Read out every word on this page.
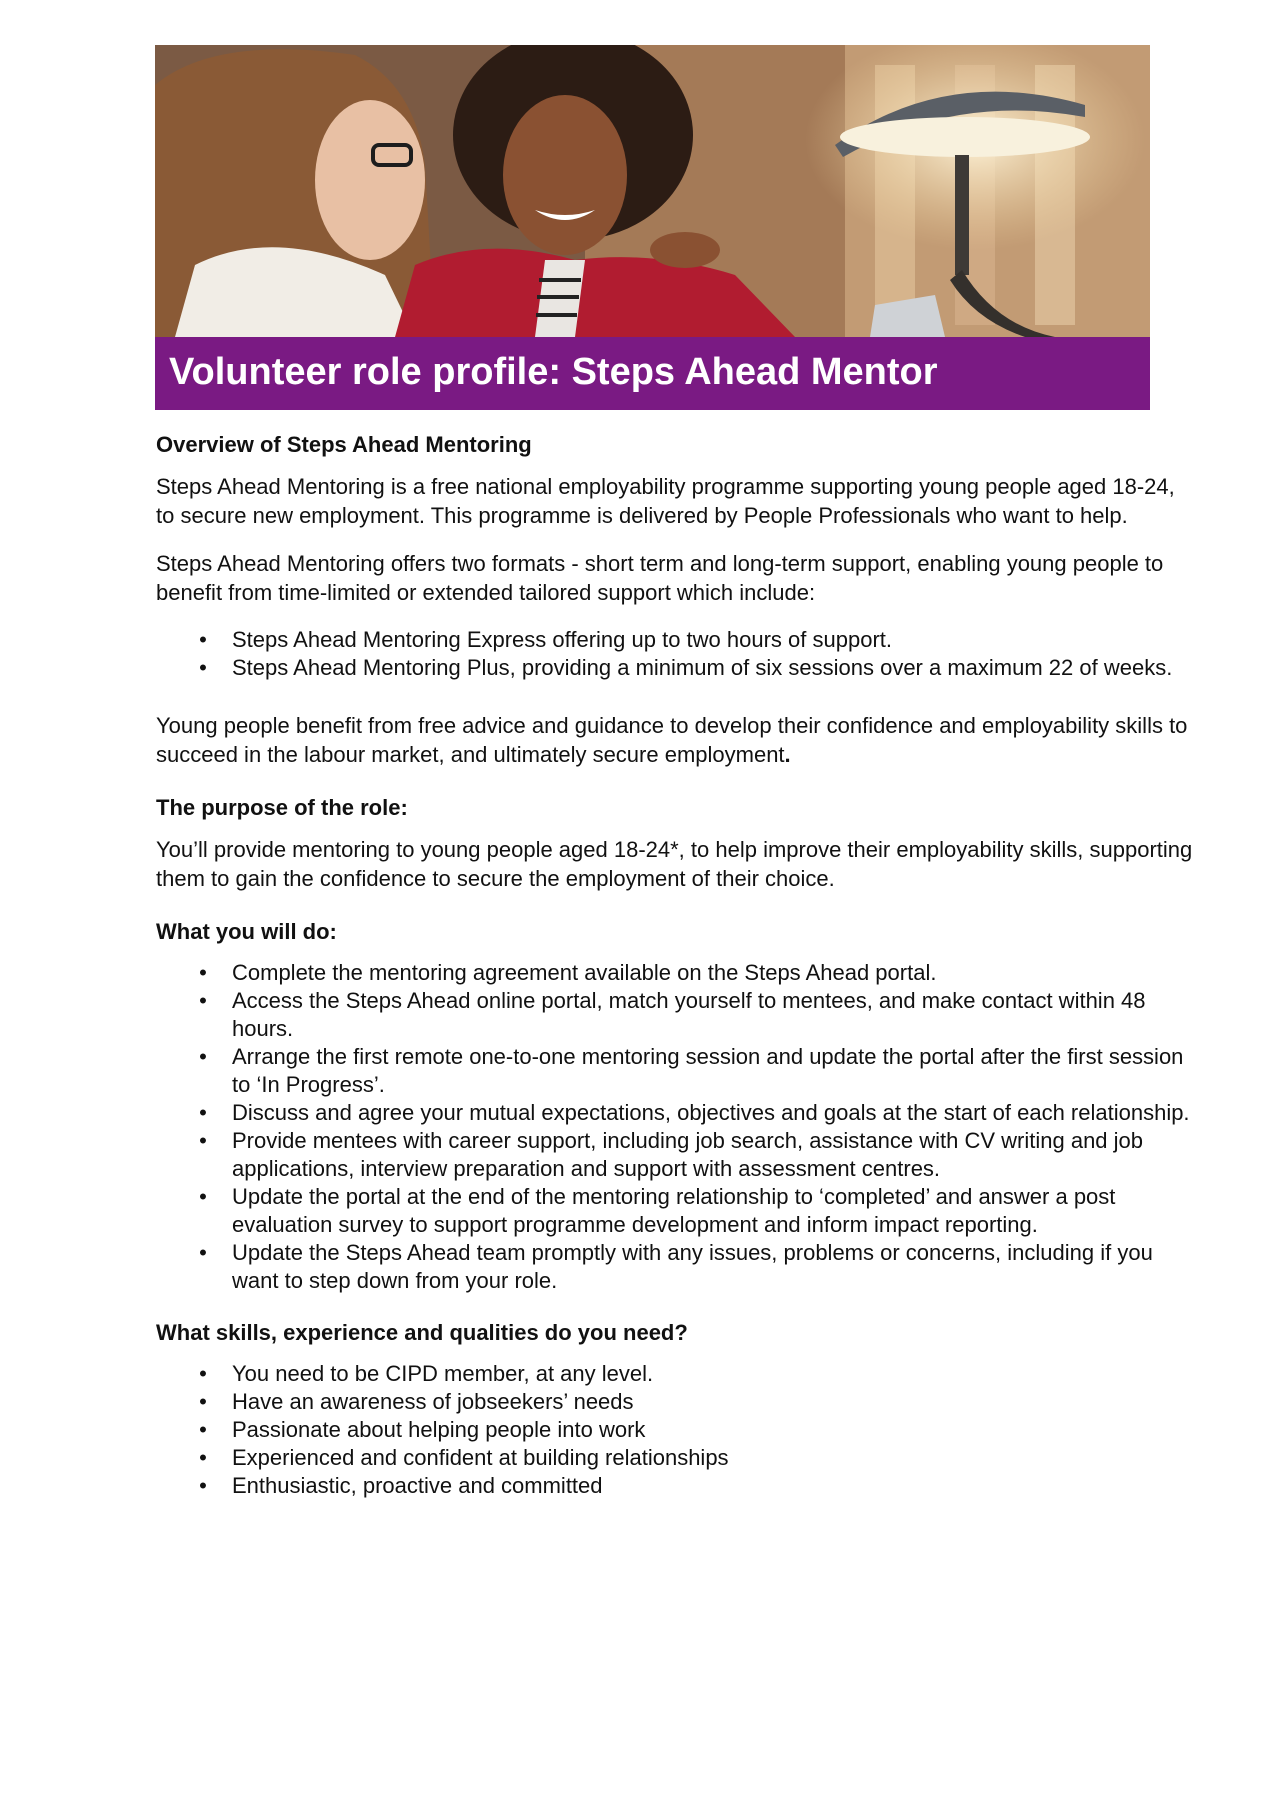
Volunteer role profile: Steps Ahead Mentor
Overview of Steps Ahead Mentoring

Steps Ahead Mentoring is a free national employability programme supporting young people aged 18-24, to secure new employment. This programme is delivered by People Professionals who want to help.

Steps Ahead Mentoring offers two formats - short term and long-term support, enabling young people to benefit from time-limited or extended tailored support which include:

• Steps Ahead Mentoring Express offering up to two hours of support.
• Steps Ahead Mentoring Plus, providing a minimum of six sessions over a maximum 22 of weeks.

Young people benefit from free advice and guidance to develop their confidence and employability skills to succeed in the labour market, and ultimately secure employment.

The purpose of the role:

You’ll provide mentoring to young people aged 18-24*, to help improve their employability skills, supporting them to gain the confidence to secure the employment of their choice.

What you will do:
• Complete the mentoring agreement available on the Steps Ahead portal.
• Access the Steps Ahead online portal, match yourself to mentees, and make contact within 48 hours.
• Arrange the first remote one-to-one mentoring session and update the portal after the first session to ‘In Progress’.
• Discuss and agree your mutual expectations, objectives and goals at the start of each relationship.
• Provide mentees with career support, including job search, assistance with CV writing and job applications, interview preparation and support with assessment centres.
• Update the portal at the end of the mentoring relationship to ‘completed’ and answer a post evaluation survey to support programme development and inform impact reporting.
• Update the Steps Ahead team promptly with any issues, problems or concerns, including if you want to step down from your role.
What skills, experience and qualities do you need?
• You need to be CIPD member, at any level.
• Have an awareness of jobseekers’ needs
• Passionate about helping people into work
• Experienced and confident at building relationships
• Enthusiastic, proactive and committed
